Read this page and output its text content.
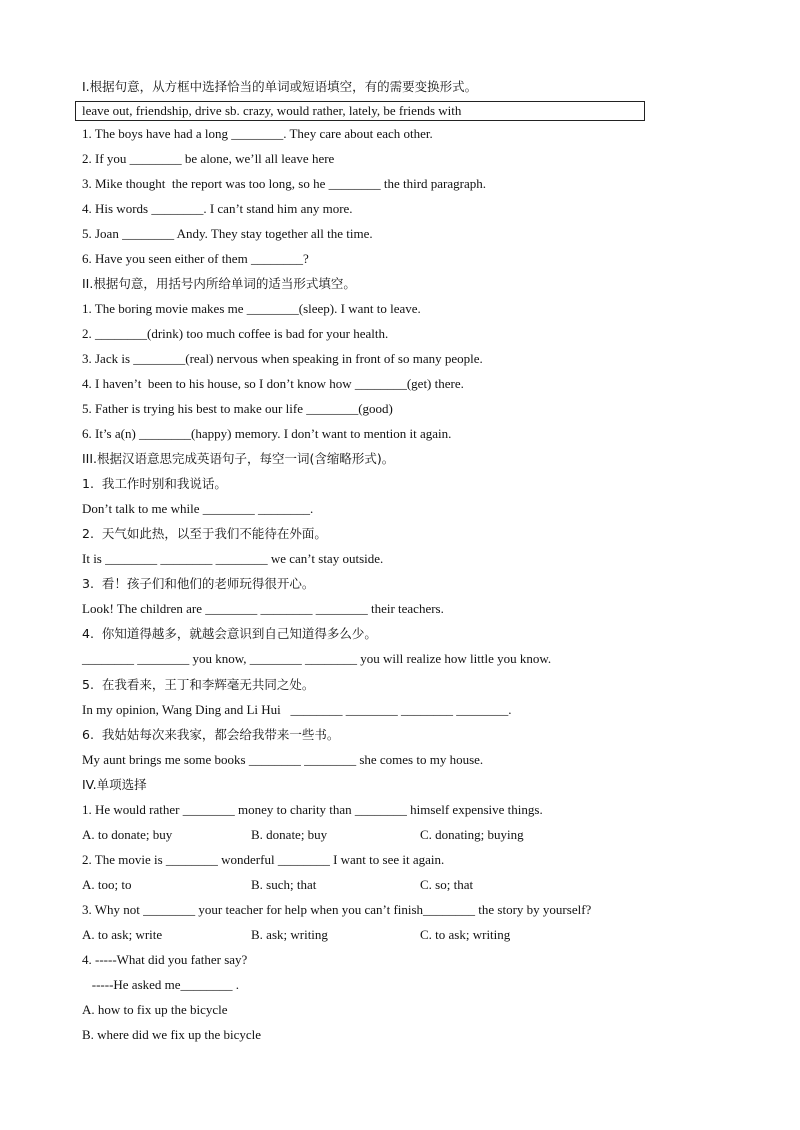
I.根据句意，从方框中选择恰当的单词或短语填空，有的需要变换形式。
leave out, friendship, drive sb. crazy, would rather, lately, be friends with
1. The boys have had a long ________. They care about each other.
2. If you ________ be alone, we’ll all leave here
3. Mike thought  the report was too long, so he ________ the third paragraph.
4. His words ________. I can’t stand him any more.
5. Joan ________ Andy. They stay together all the time.
6. Have you seen either of them ________?
II.根据句意，用括号内所给单词的适当形式填空。
1. The boring movie makes me ________(sleep). I want to leave.
2. ________(drink) too much coffee is bad for your health.
3. Jack is ________(real) nervous when speaking in front of so many people.
4. I haven’t  been to his house, so I don’t know how ________(get) there.
5. Father is trying his best to make our life ________(good)
6. It’s a(n) ________(happy) memory. I don’t want to mention it again.
III.根据汉语意思完成英语句子，每空一词(含缩略形式)。
1.  我工作时别和我说话。
Don’t talk to me while ________ ________.
2.  天气如此热，以至于我们不能待在外面。
It is ________ ________ ________ we can’t stay outside.
3.  看！孩子们和他们的老师玩得很开心。
Look! The children are ________ ________ ________ their teachers.
4.  你知道得越多，就越会意识到自己知道得多么少。
________ ________ you know, ________ ________ you will realize how little you know.
5.  在我看来，王丁和李辉毫无共同之处。
In my opinion, Wang Ding and Li Hui   ________ ________ ________ ________.
6.  我姑姑每次来我家，都会给我带来一些书。
My aunt brings me some books ________ ________ she comes to my house.
IV.单项选择
1. He would rather ________ money to charity than ________ himself expensive things.
A. to donate; buy	B. donate; buy	C. donating; buying
2. The movie is ________ wonderful ________ I want to see it again.
A. too; to	B. such; that	C. so; that
3. Why not ________ your teacher for help when you can’t finish________ the story by yourself?
A. to ask; write	B. ask; writing	C. to ask; writing
4. -----What did you father say?
-----He asked me________ .
A. how to fix up the bicycle
B. where did we fix up the bicycle
